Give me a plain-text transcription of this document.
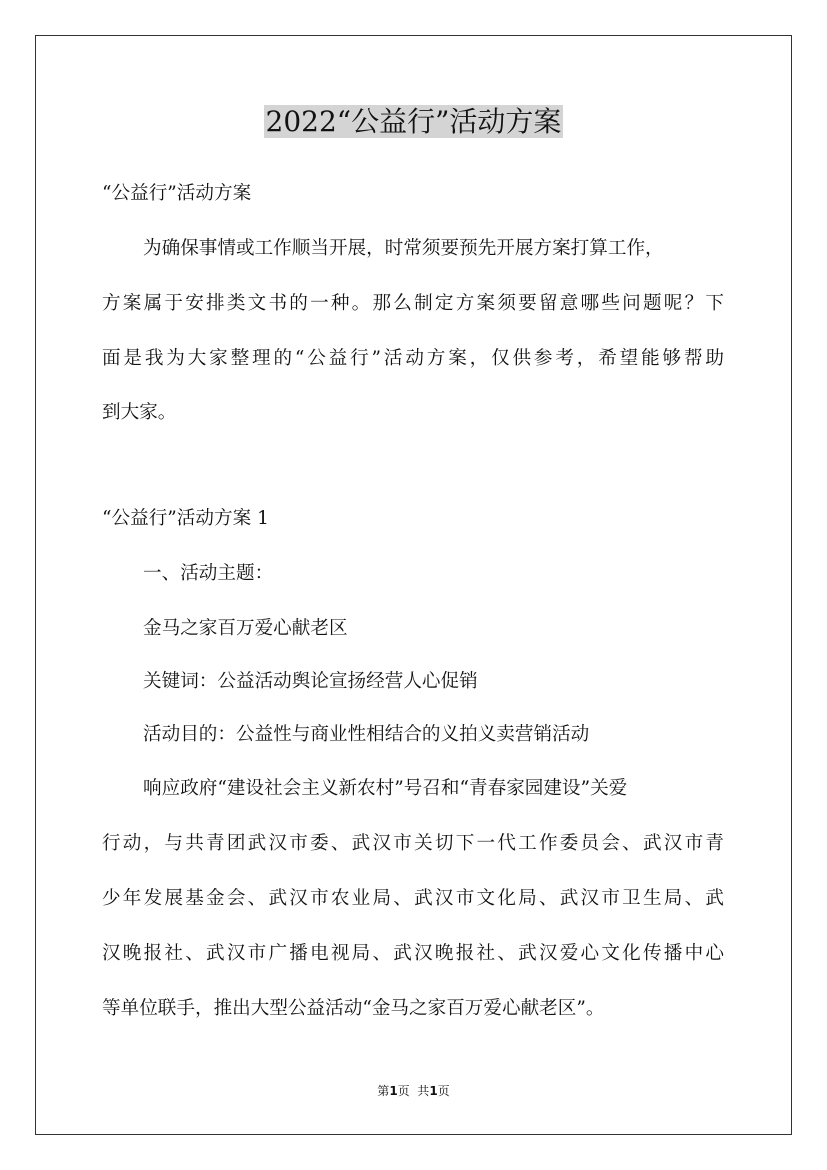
2022“公益行”活动方案
“公益行”活动方案
为确保事情或工作顺当开展，时常须要预先开展方案打算工作，
方案属于安排类文书的一种。那么制定方案须要留意哪些问题呢？下
面是我为大家整理的“公益行”活动方案，仅供参考，希望能够帮助
到大家。
“公益行”活动方案 1
一、活动主题：
金马之家百万爱心献老区
关键词：公益活动舆论宣扬经营人心促销
活动目的：公益性与商业性相结合的义拍义卖营销活动
响应政府“建设社会主义新农村”号召和“青春家园建设”关爱
行动，与共青团武汉市委、武汉市关切下一代工作委员会、武汉市青
少年发展基金会、武汉市农业局、武汉市文化局、武汉市卫生局、武
汉晚报社、武汉市广播电视局、武汉晚报社、武汉爱心文化传播中心
等单位联手，推出大型公益活动“金马之家百万爱心献老区”。
第1页  共1页
